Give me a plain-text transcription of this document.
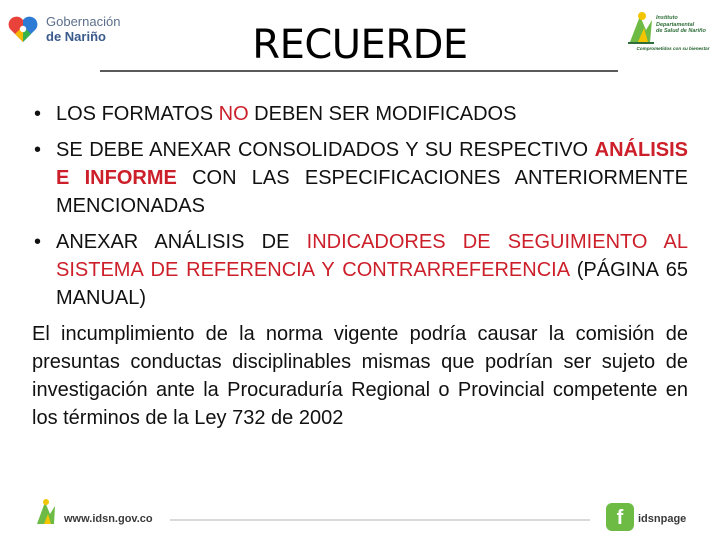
Gobernación
de Nariño	RECUERDE
Instituto
Departamental
de Salud de Nariño
Comprometidos con su bienestar
• LOS FORMATOS NO DEBEN SER MODIFICADOS
• SE DEBE ANEXAR CONSOLIDADOS Y SU RESPECTIVO ANÁLISIS E INFORME CON LAS ESPECIFICACIONES ANTERIORMENTE MENCIONADAS
• ANEXAR ANÁLISIS DE INDICADORES DE SEGUIMIENTO AL SISTEMA DE REFERENCIA Y CONTRARREFERENCIA (PÁGINA 65 MANUAL)
El incumplimiento de la norma vigente podría causar la comisión de presuntas conductas disciplinables mismas que podrían ser sujeto de investigación ante la Procuraduría Regional o Provincial competente en los términos de la Ley 732 de 2002
www.idsn.gov.co	f	idsnpage
